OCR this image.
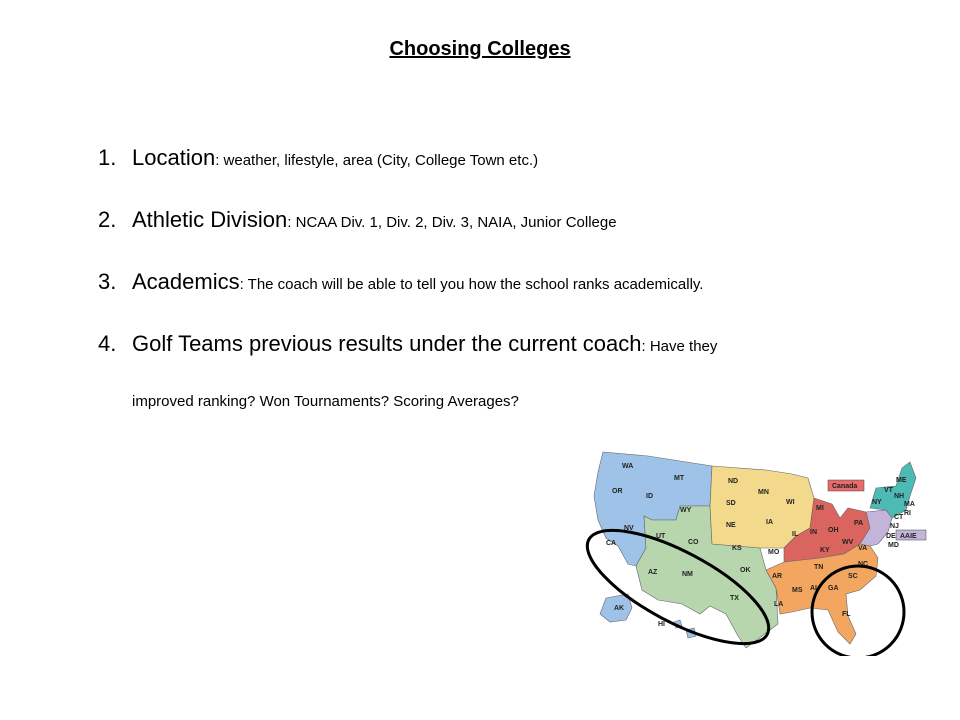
Choosing Colleges
1. Location: weather, lifestyle, area (City, College Town etc.)
2. Athletic Division: NCAA Div. 1, Div. 2, Div. 3, NAIA, Junior College
3. Academics: The coach will be able to tell you how the school ranks academically.
4. Golf Teams previous results under the current coach: Have they
improved ranking? Won Tournaments? Scoring Averages?
WA
OR
CA
NV
ID
MT
WY
UT
CO
AZ	NM
ND
SD
NE
KS
OK
TX
MN
IA
MO
AR
LA
WI
IL
MI
IN OH
KY
TN
MS AL GA
FL
SC
NC
VA
WV
PA
NY
ME
VT
NH
MA
RI
CT
NJ
DE
MD
AK
HI
Canada
AAIE
